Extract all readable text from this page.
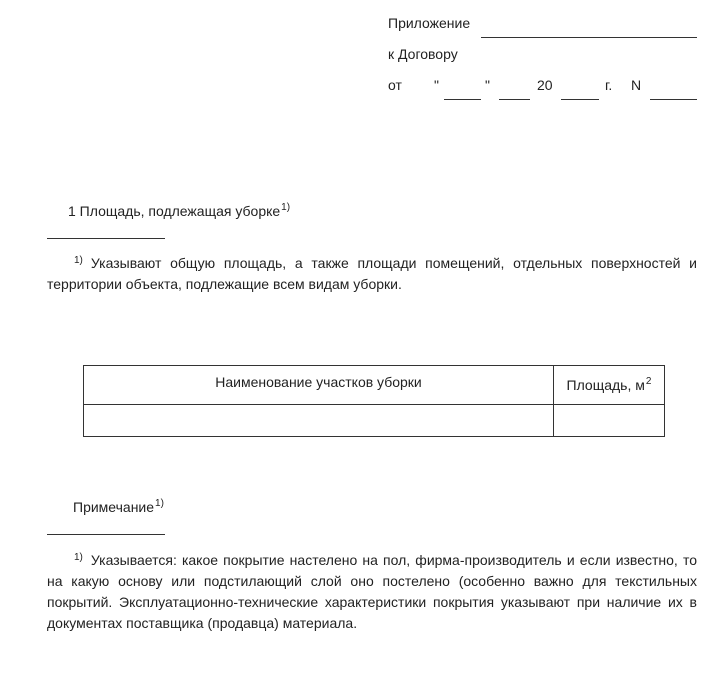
Приложение
к Договору
от "	"	20	г. N
1 Площадь, подлежащая уборке$^{1)}$
$^{1)}$ Указывают общую площадь, а также площади помещений, отдельных поверхностей и территории объекта, подлежащие всем видам уборки.
Наименование участков уборки	Площадь, $м^2$

Примечание$^{1)}$
$^{1)}$ Указывается: какое покрытие настелено на пол, фирма-производитель и если известно, то на какую основу или подстилающий слой оно постелено (особенно важно для текстильных покрытий. Эксплуатационно-технические характеристики покрытия указывают при наличие их в документах поставщика (продавца) материала.
